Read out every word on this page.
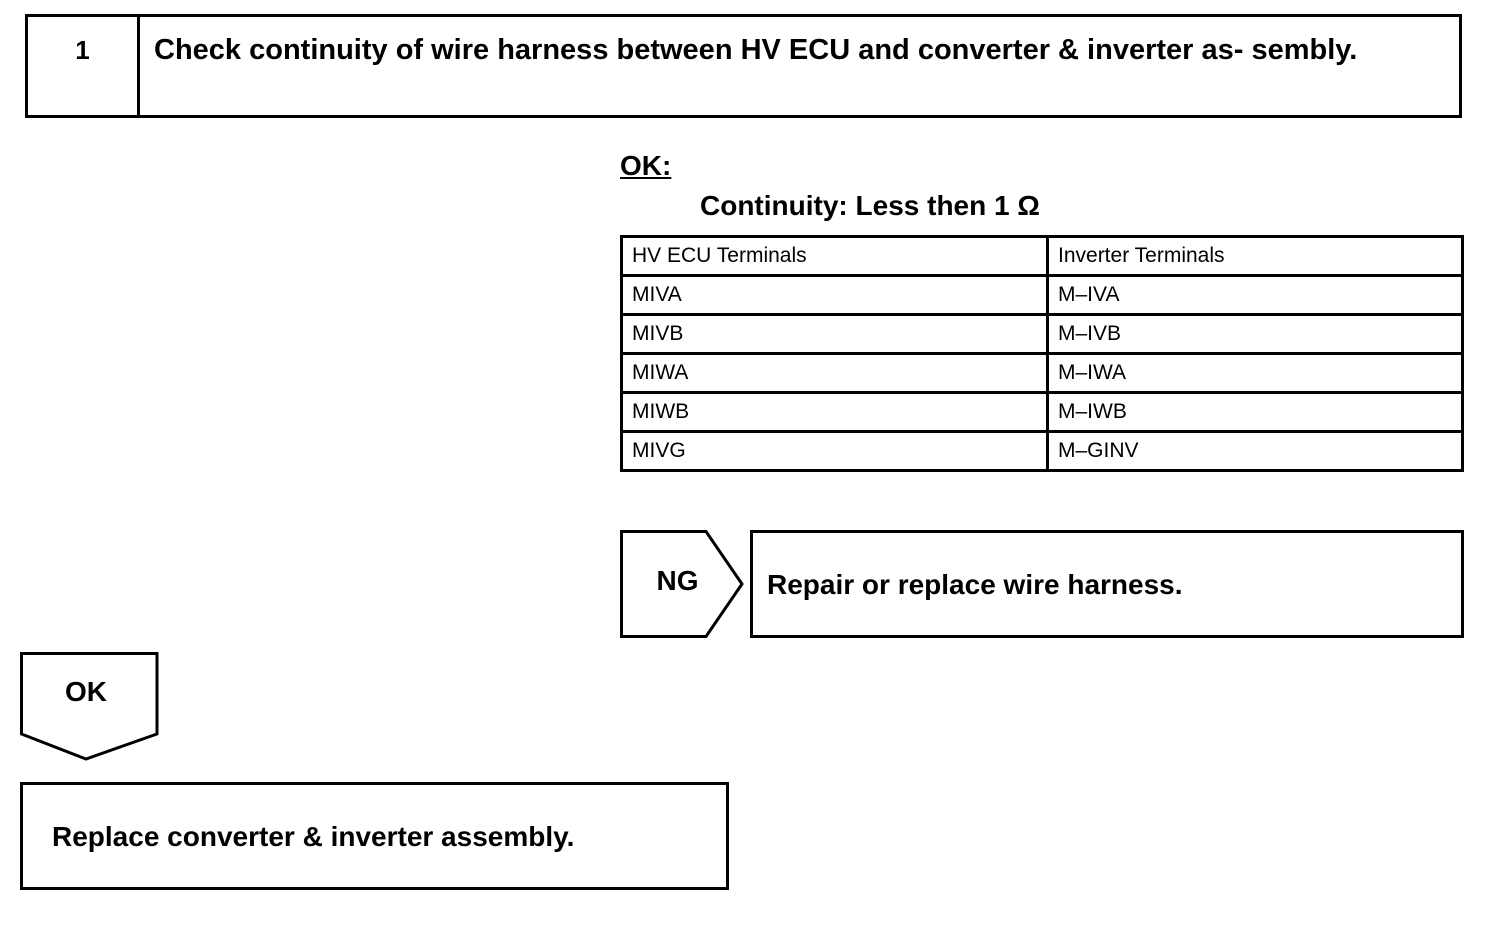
1	Check continuity of wire harness between HV ECU and converter & inverter as- sembly.
OK:
Continuity: Less then 1 Ω
HV ECU Terminals	Inverter Terminals
MIVA	M–IVA
MIVB	M–IVB
MIWA	M–IWA
MIWB	M–IWB
MIVG	M–GINV
NG	Repair or replace wire harness.
OK
Replace converter & inverter assembly.
